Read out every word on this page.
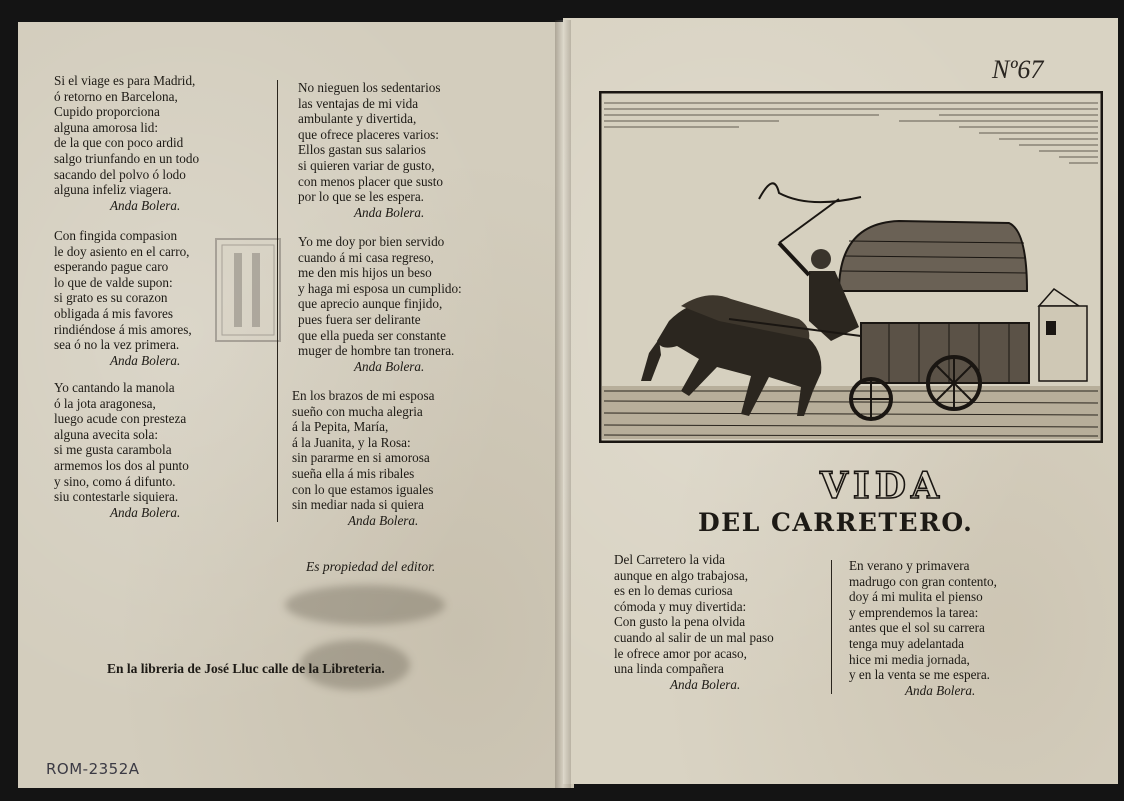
Si el viage es para Madrid,
ó retorno en Barcelona,
Cupido proporciona
alguna amorosa lid:
de la que con poco ardid
salgo triunfando en un todo
sacando del polvo ó lodo
alguna infeliz viagera.
Anda Bolera.
Con fingida compasion
le doy asiento en el carro,
esperando pague caro
lo que de valde supon:
si grato es su corazon
obligada á mis favores
rindiéndose á mis amores,
sea ó no la vez primera.
Anda Bolera.
Yo cantando la manola
ó la jota aragonesa,
luego acude con presteza
alguna avecita sola:
si me gusta carambola
armemos los dos al punto
y sino, como á difunto.
siu contestarle siquiera.
Anda Bolera.
No nieguen los sedentarios
las ventajas de mi vida
ambulante y divertida,
que ofrece placeres varios:
Ellos gastan sus salarios
si quieren variar de gusto,
con menos placer que susto
por lo que se les espera.
Anda Bolera.
Yo me doy por bien servido
cuando á mi casa regreso,
me den mis hijos un beso
y haga mi esposa un cumplido:
que aprecio aunque finjido,
pues fuera ser delirante
que ella pueda ser constante
muger de hombre tan tronera.
Anda Bolera.
En los brazos de mi esposa
sueño con mucha alegria
á la Pepita, María,
á la Juanita, y la Rosa:
sin pararme en si amorosa
sueña ella á mis ribales
con lo que estamos iguales
sin mediar nada si quiera
Anda Bolera.
Es propiedad del editor.
En la libreria de José Lluc calle de la Libreteria.
ROM-2352A
Nº67
VIDA
DEL CARRETERO.
Del Carretero la vida
aunque en algo trabajosa,
es en lo demas curiosa
cómoda y muy divertida:
Con gusto la pena olvida
cuando al salir de un mal paso
le ofrece amor por acaso,
una linda compañera
Anda Bolera.
En verano y primavera
madrugo con gran contento,
doy á mi mulita el pienso
y emprendemos la tarea:
antes que el sol su carrera
tenga muy adelantada
hice mi media jornada,
y en la venta se me espera.
Anda Bolera.
